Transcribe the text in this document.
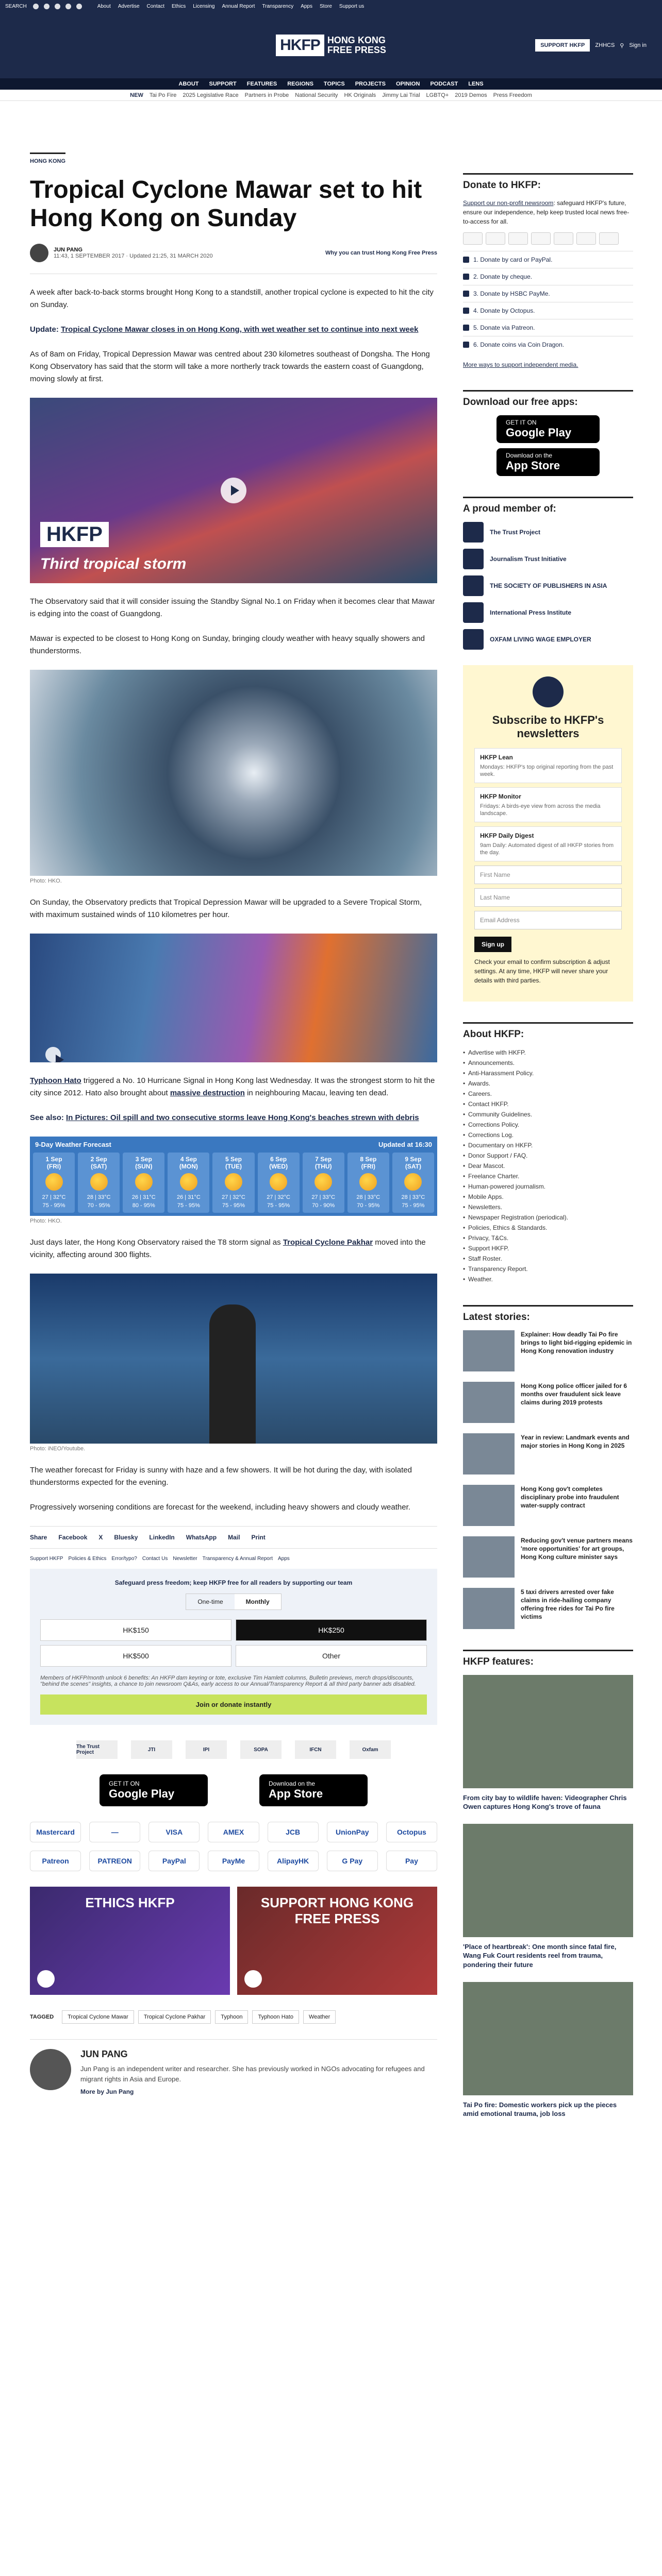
SEARCH	About Advertise Contact Ethics Licensing Annual Report Transparency Apps Store Support us
HKFP HONG KONG
FREE PRESS	SUPPORT HKFP	ZHHCS ⚲ Sign in
ABOUT SUPPORT FEATURES REGIONS TOPICS PROJECTS OPINION PODCAST LENS
NEW Tai Po Fire 2025 Legislative Race Partners in Probe National Security HK Originals Jimmy Lai Trial LGBTQ+ 2019 Demos Press Freedom
HONG KONG
Tropical Cyclone Mawar set to hit Hong Kong on Sunday
JUN PANG
11:43, 1 SEPTEMBER 2017 · Updated 21:25, 31 MARCH 2020	Why you can trust Hong Kong Free Press

A week after back-to-back storms brought Hong Kong to a standstill, another tropical cyclone is expected to hit the city on Sunday.

Update: Tropical Cyclone Mawar closes in on Hong Kong, with wet weather set to continue into next week

As of 8am on Friday, Tropical Depression Mawar was centred about 230 kilometres southeast of Dongsha. The Hong Kong Observatory has said that the storm will take a more northerly track towards the eastern coast of Guangdong, moving slowly at first.

HKFP
Third tropical storm

The Observatory said that it will consider issuing the Standby Signal No.1 on Friday when it becomes clear that Mawar is edging into the coast of Guangdong.

Mawar is expected to be closest to Hong Kong on Sunday, bringing cloudy weather with heavy squally showers and thunderstorms.

Photo: HKO.

On Sunday, the Observatory predicts that Tropical Depression Mawar will be upgraded to a Severe Tropical Storm, with maximum sustained winds of 110 kilometres per hour.

Typhoon Hato triggered a No. 10 Hurricane Signal in Hong Kong last Wednesday. It was the strongest storm to hit the city since 2012. Hato also brought about massive destruction in neighbouring Macau, leaving ten dead.

See also: In Pictures: Oil spill and two consecutive storms leave Hong Kong's beaches strewn with debris

9-Day Weather Forecast	Updated at 16:30
1 Sep
(FRI)
27 | 32°C
75 - 95%
2 Sep
(SAT)
28 | 33°C
70 - 95%
3 Sep
(SUN)
26 | 31°C
80 - 95%
4 Sep
(MON)
26 | 31°C
75 - 95%
5 Sep
(TUE)
27 | 32°C
75 - 95%
6 Sep
(WED)
27 | 32°C
75 - 95%
7 Sep
(THU)
27 | 33°C
70 - 90%
8 Sep
(FRI)
28 | 33°C
70 - 95%
9 Sep
(SAT)
28 | 33°C
75 - 95%
Photo: HKO.

Just days later, the Hong Kong Observatory raised the T8 storm signal as Tropical Cyclone Pakhar moved into the vicinity, affecting around 300 flights.

Photo: iNEO/Youtube.

The weather forecast for Friday is sunny with haze and a few showers. It will be hot during the day, with isolated thunderstorms expected for the evening.

Progressively worsening conditions are forecast for the weekend, including heavy showers and cloudy weather.

Share Facebook X Bluesky LinkedIn WhatsApp Mail Print
Support HKFP Policies & Ethics Error/typo? Contact Us Newsletter Transparency & Annual Report Apps
Safeguard press freedom; keep HKFP free for all readers by supporting our team
One-time	Monthly
HK$150	HK$250
HK$500	Other
Members of HKFP/month unlock 6 benefits: An HKFP dam keyring or tote, exclusive Tim Hamlett columns, Bulletin previews, merch drops/discounts, "behind the scenes" insights, a chance to join newsroom Q&As, early access to our Annual/Transparency Report & all third party banner ads disabled.
Join or donate instantly
The Trust Project	JTI	IPI	SOPA	IFCN	Oxfam
GET IT ON
Google Play
Download on the
App Store
Mastercard	—	VISA	AMEX	JCB	UnionPay	Octopus
Patreon	PATREON	PayPal	PayMe	AlipayHK	G Pay	Pay
ETHICS HKFP	SUPPORT HONG KONG FREE PRESS
TAGGED	Tropical Cyclone Mawar	Tropical Cyclone Pakhar	Typhoon	Typhoon Hato	Weather
JUN PANG

Jun Pang is an independent writer and researcher. She has previously worked in NGOs advocating for refugees and migrant rights in Asia and Europe.

More by Jun Pang
Donate to HKFP:

Support our non-profit newsroom: safeguard HKFP's future, ensure our independence, help keep trusted local news free-to-access for all.

1. Donate by card or PayPal.
2. Donate by cheque.
3. Donate by HSBC PayMe.
4. Donate by Octopus.
5. Donate via Patreon.
6. Donate coins via Coin Dragon.

More ways to support independent media.

Download our free apps:
GET IT ON
Google Play
Download on the
App Store
A proud member of:
The Trust Project
Journalism Trust Initiative
THE SOCIETY OF PUBLISHERS IN ASIA
International Press Institute
OXFAM LIVING WAGE EMPLOYER
Subscribe to HKFP's newsletters
HKFP Lean
Mondays: HKFP's top original reporting from the past week.
HKFP Monitor
Fridays: A birds-eye view from across the media landscape.
HKFP Daily Digest
9am Daily: Automated digest of all HKFP stories from the day.
First Name
Last Name
Email Address
Sign up

Check your email to confirm subscription & adjust settings. At any time, HKFP will never share your details with third parties.

About HKFP:
• Advertise with HKFP.
• Announcements.
• Anti-Harassment Policy.
• Awards.
• Careers.
• Contact HKFP.
• Community Guidelines.
• Corrections Policy.
• Corrections Log.
• Documentary on HKFP.
• Donor Support / FAQ.
• Dear Mascot.
• Freelance Charter.
• Human-powered journalism.
• Mobile Apps.
• Newsletters.
• Newspaper Registration (periodical).
• Policies, Ethics & Standards.
• Privacy, T&Cs.
• Support HKFP.
• Staff Roster.
• Transparency Report.
• Weather.
Latest stories:

Explainer: How deadly Tai Po fire brings to light bid-rigging epidemic in Hong Kong renovation industry

Hong Kong police officer jailed for 6 months over fraudulent sick leave claims during 2019 protests

Year in review: Landmark events and major stories in Hong Kong in 2025

Hong Kong gov't completes disciplinary probe into fraudulent water-supply contract

Reducing gov't venue partners means 'more opportunities' for art groups, Hong Kong culture minister says

5 taxi drivers arrested over fake claims in ride-hailing company offering free rides for Tai Po fire victims

HKFP features:

From city bay to wildlife haven: Videographer Chris Owen captures Hong Kong's trove of fauna

'Place of heartbreak': One month since fatal fire, Wang Fuk Court residents reel from trauma, pondering their future

Tai Po fire: Domestic workers pick up the pieces amid emotional trauma, job loss
